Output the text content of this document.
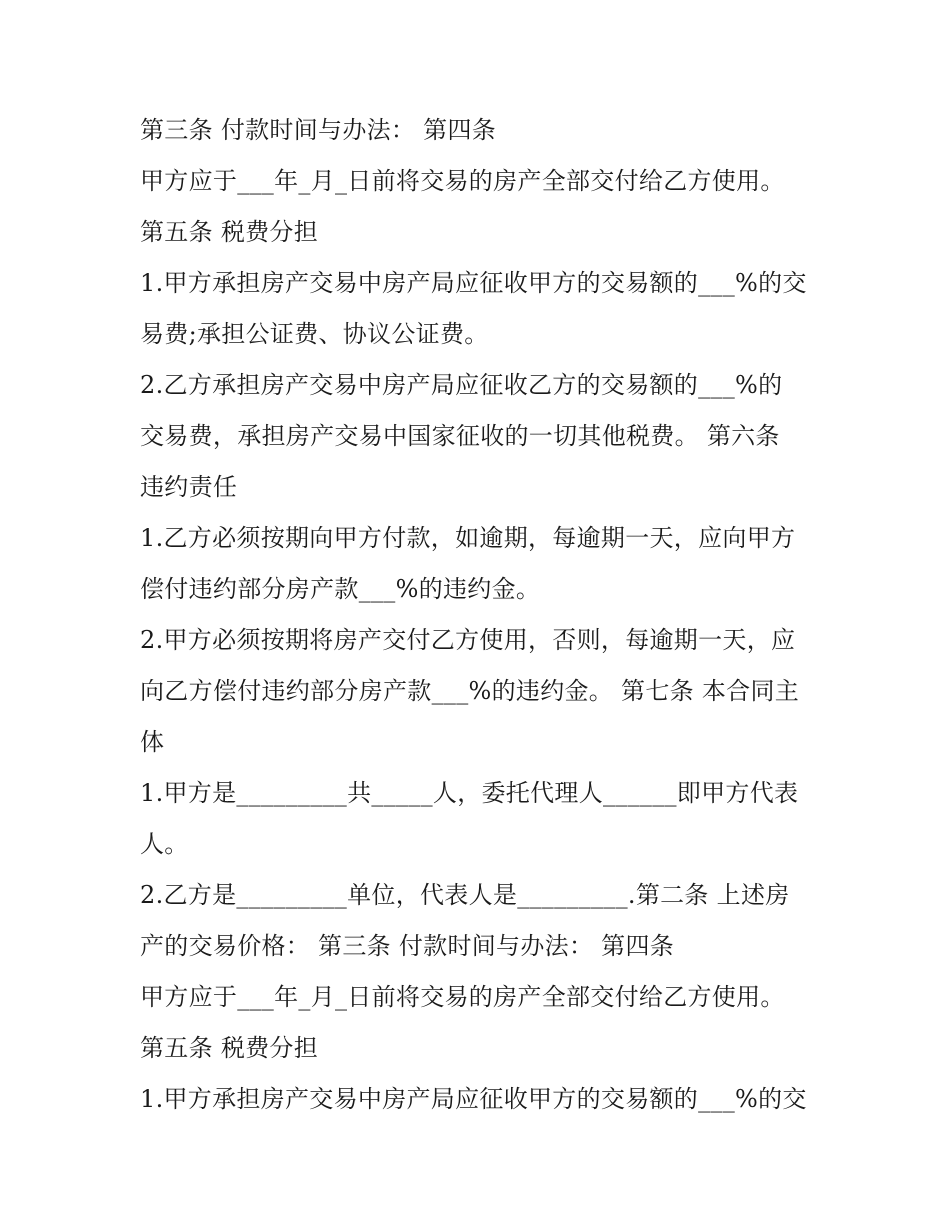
第三条 付款时间与办法： 第四条
甲方应于___年_月_日前将交易的房产全部交付给乙方使用。
第五条 税费分担
1.甲方承担房产交易中房产局应征收甲方的交易额的___%的交
易费;承担公证费、协议公证费。
2.乙方承担房产交易中房产局应征收乙方的交易额的___%的
交易费，承担房产交易中国家征收的一切其他税费。 第六条
违约责任
1.乙方必须按期向甲方付款，如逾期，每逾期一天，应向甲方
偿付违约部分房产款___%的违约金。
2.甲方必须按期将房产交付乙方使用，否则，每逾期一天，应
向乙方偿付违约部分房产款___%的违约金。 第七条 本合同主
体
1.甲方是_________共_____人，委托代理人______即甲方代表
人。
2.乙方是_________单位，代表人是_________.第二条 上述房
产的交易价格： 第三条 付款时间与办法： 第四条
甲方应于___年_月_日前将交易的房产全部交付给乙方使用。
第五条 税费分担
1.甲方承担房产交易中房产局应征收甲方的交易额的___%的交
